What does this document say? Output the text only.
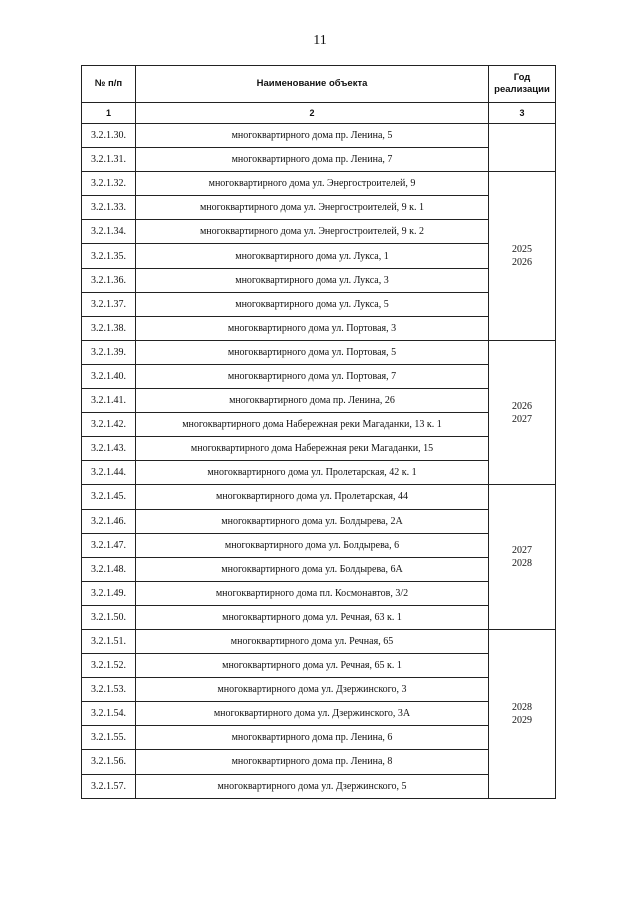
11
№ п/п	Наименование объекта	Год
реализации

1	2	3
3.2.1.30.	многоквартирного дома пр. Ленина, 5	

3.2.1.31.	многоквартирного дома пр. Ленина, 7	
3.2.1.32.	многоквартирного дома ул. Энергостроителей, 9	2025
2026

3.2.1.33.	многоквартирного дома ул. Энергостроителей, 9 к. 1	
3.2.1.34.	многоквартирного дома ул. Энергостроителей, 9 к. 2	
3.2.1.35.	многоквартирного дома ул. Лукса, 1	
3.2.1.36.	многоквартирного дома ул. Лукса, 3	
3.2.1.37.	многоквартирного дома ул. Лукса, 5	
3.2.1.38.	многоквартирного дома ул. Портовая, 3	
3.2.1.39.	многоквартирного дома ул. Портовая, 5	2026
2027

3.2.1.40.	многоквартирного дома ул. Портовая, 7	
3.2.1.41.	многоквартирного дома пр. Ленина, 26	
3.2.1.42.	многоквартирного дома Набережная реки Магаданки, 13 к. 1	
3.2.1.43.	многоквартирного дома Набережная реки Магаданки, 15	
3.2.1.44.	многоквартирного дома ул. Пролетарская, 42 к. 1	
3.2.1.45.	многоквартирного дома ул. Пролетарская, 44	2027
2028

3.2.1.46.	многоквартирного дома ул. Болдырева, 2А	
3.2.1.47.	многоквартирного дома ул. Болдырева, 6	
3.2.1.48.	многоквартирного дома ул. Болдырева, 6А	
3.2.1.49.	многоквартирного дома пл. Космонавтов, 3/2	
3.2.1.50.	многоквартирного дома ул. Речная, 63 к. 1	
3.2.1.51.	многоквартирного дома ул. Речная, 65	2028
2029

3.2.1.52.	многоквартирного дома ул. Речная, 65 к. 1	
3.2.1.53.	многоквартирного дома ул. Дзержинского, 3	
3.2.1.54.	многоквартирного дома ул. Дзержинского, 3А	
3.2.1.55.	многоквартирного дома пр. Ленина, 6	
3.2.1.56.	многоквартирного дома пр. Ленина, 8	
3.2.1.57.	многоквартирного дома ул. Дзержинского, 5	
